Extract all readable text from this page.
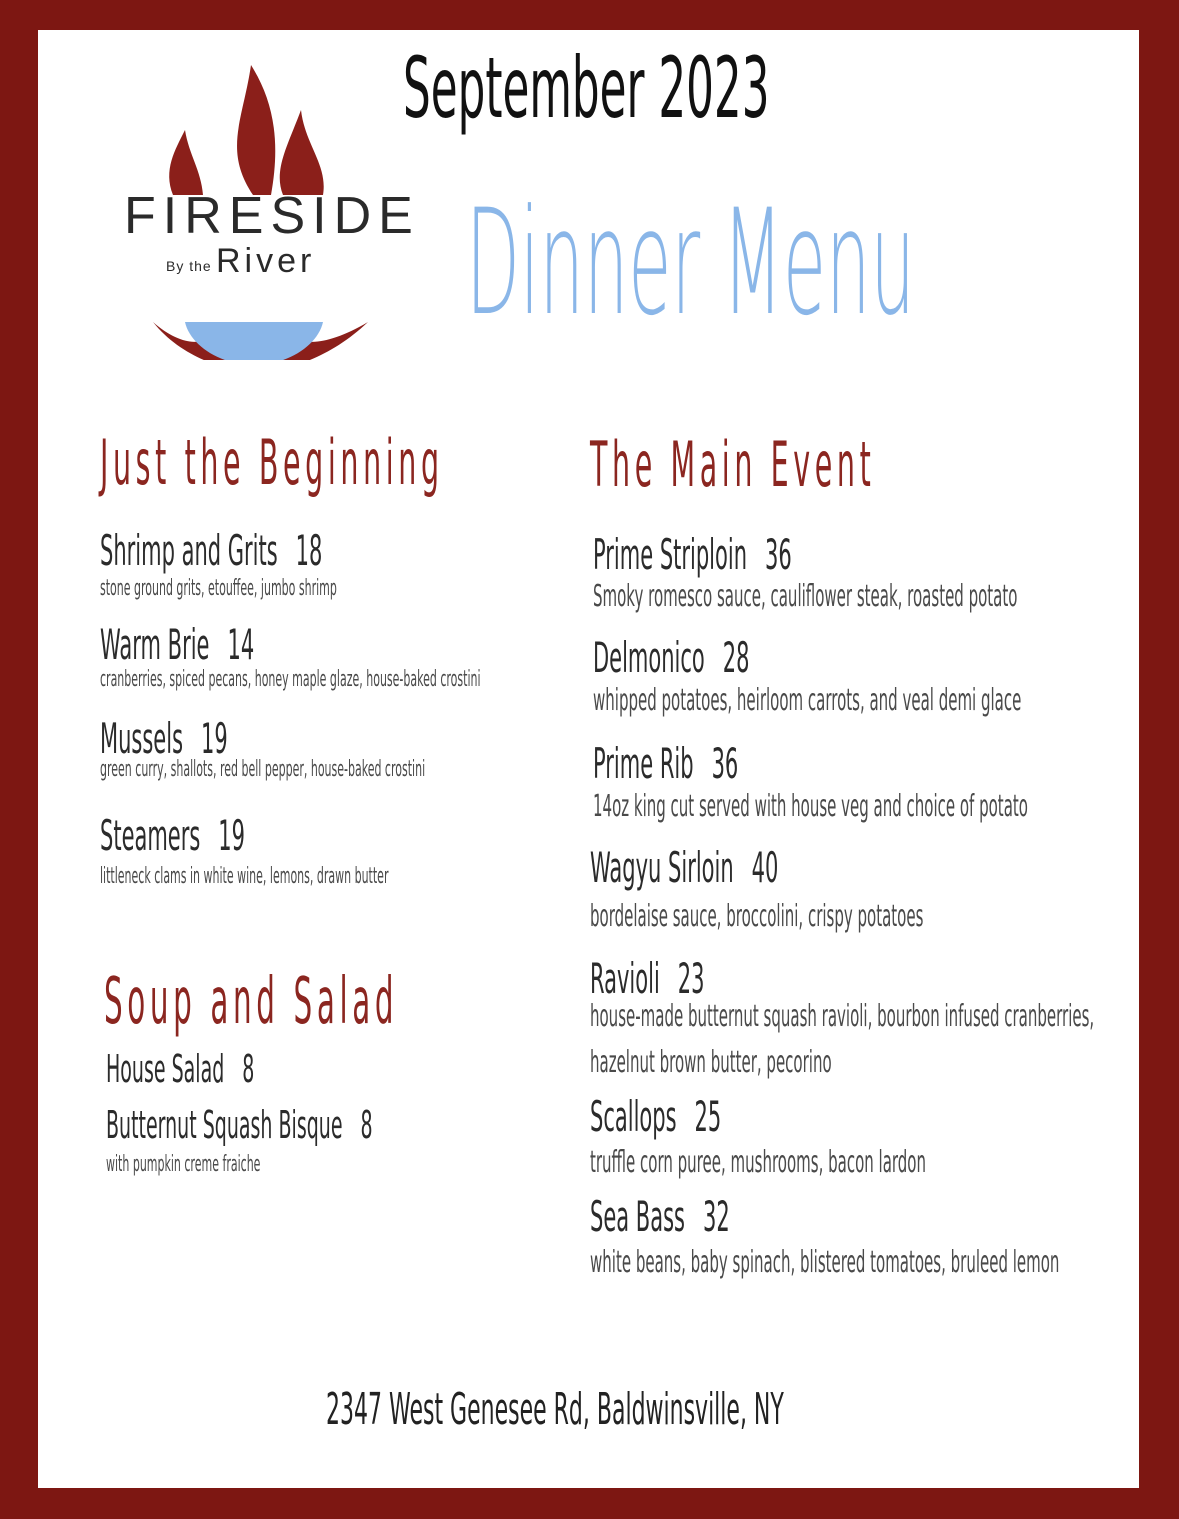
FIRESIDE
By the River
September 2023
Dinner Menu
Just the Beginning
Shrimp and Grits 18
stone ground grits, etouffee, jumbo shrimp
Warm Brie 14
cranberries, spiced pecans, honey maple glaze, house-baked crostini
Mussels 19
green curry, shallots, red bell pepper, house-baked crostini
Steamers 19
littleneck clams in white wine, lemons, drawn butter
Soup and Salad
House Salad 8
Butternut Squash Bisque 8
with pumpkin creme fraiche
The Main Event
Prime Striploin 36
Smoky romesco sauce, cauliflower steak, roasted potato
Delmonico 28
whipped potatoes, heirloom carrots, and veal demi glace
Prime Rib 36
14oz king cut served with house veg and choice of potato
Wagyu Sirloin 40
bordelaise sauce, broccolini, crispy potatoes
Ravioli 23
house-made butternut squash ravioli, bourbon infused cranberries,
hazelnut brown butter, pecorino
Scallops 25
truffle corn puree, mushrooms, bacon lardon
Sea Bass 32
white beans, baby spinach, blistered tomatoes, bruleed lemon
2347 West Genesee Rd, Baldwinsville, NY
